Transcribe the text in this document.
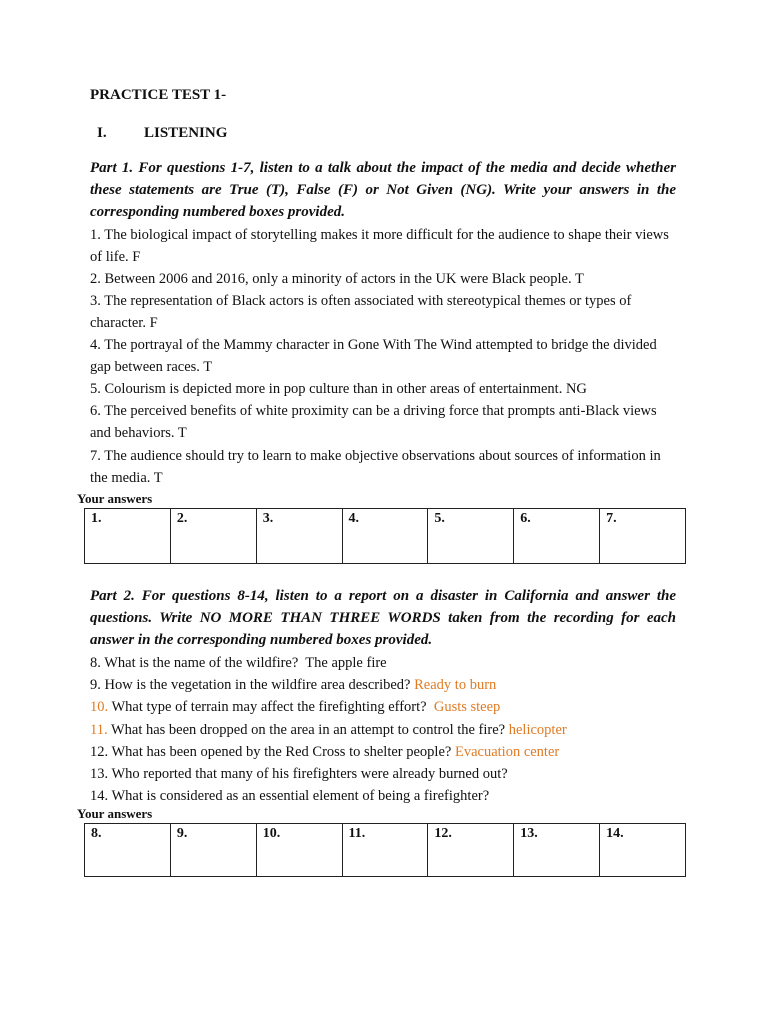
PRACTICE TEST 1-
I. LISTENING
Part 1. For questions 1-7, listen to a talk about the impact of the media and decide whether these statements are True (T), False (F) or Not Given (NG). Write your answers in the corresponding numbered boxes provided.
1. The biological impact of storytelling makes it more difficult for the audience to shape their views of life. F
2. Between 2006 and 2016, only a minority of actors in the UK were Black people. T
3. The representation of Black actors is often associated with stereotypical themes or types of character. F
4. The portrayal of the Mammy character in Gone With The Wind attempted to bridge the divided gap between races. T
5. Colourism is depicted more in pop culture than in other areas of entertainment. NG
6. The perceived benefits of white proximity can be a driving force that prompts anti-Black views and behaviors. T
7. The audience should try to learn to make objective observations about sources of information in the media. T
Your answers
1.	2.	3.	4.	5.	6.	7.
Part 2. For questions 8-14, listen to a report on a disaster in California and answer the questions. Write NO MORE THAN THREE WORDS taken from the recording for each answer in the corresponding numbered boxes provided.
8. What is the name of the wildfire?  The apple fire
9. How is the vegetation in the wildfire area described? Ready to burn
10. What type of terrain may affect the firefighting effort?  Gusts steep
11. What has been dropped on the area in an attempt to control the fire? helicopter
12. What has been opened by the Red Cross to shelter people? Evacuation center
13. Who reported that many of his firefighters were already burned out?
14. What is considered as an essential element of being a firefighter?
Your answers
8.	9.	10.	11.	12.	13.	14.
